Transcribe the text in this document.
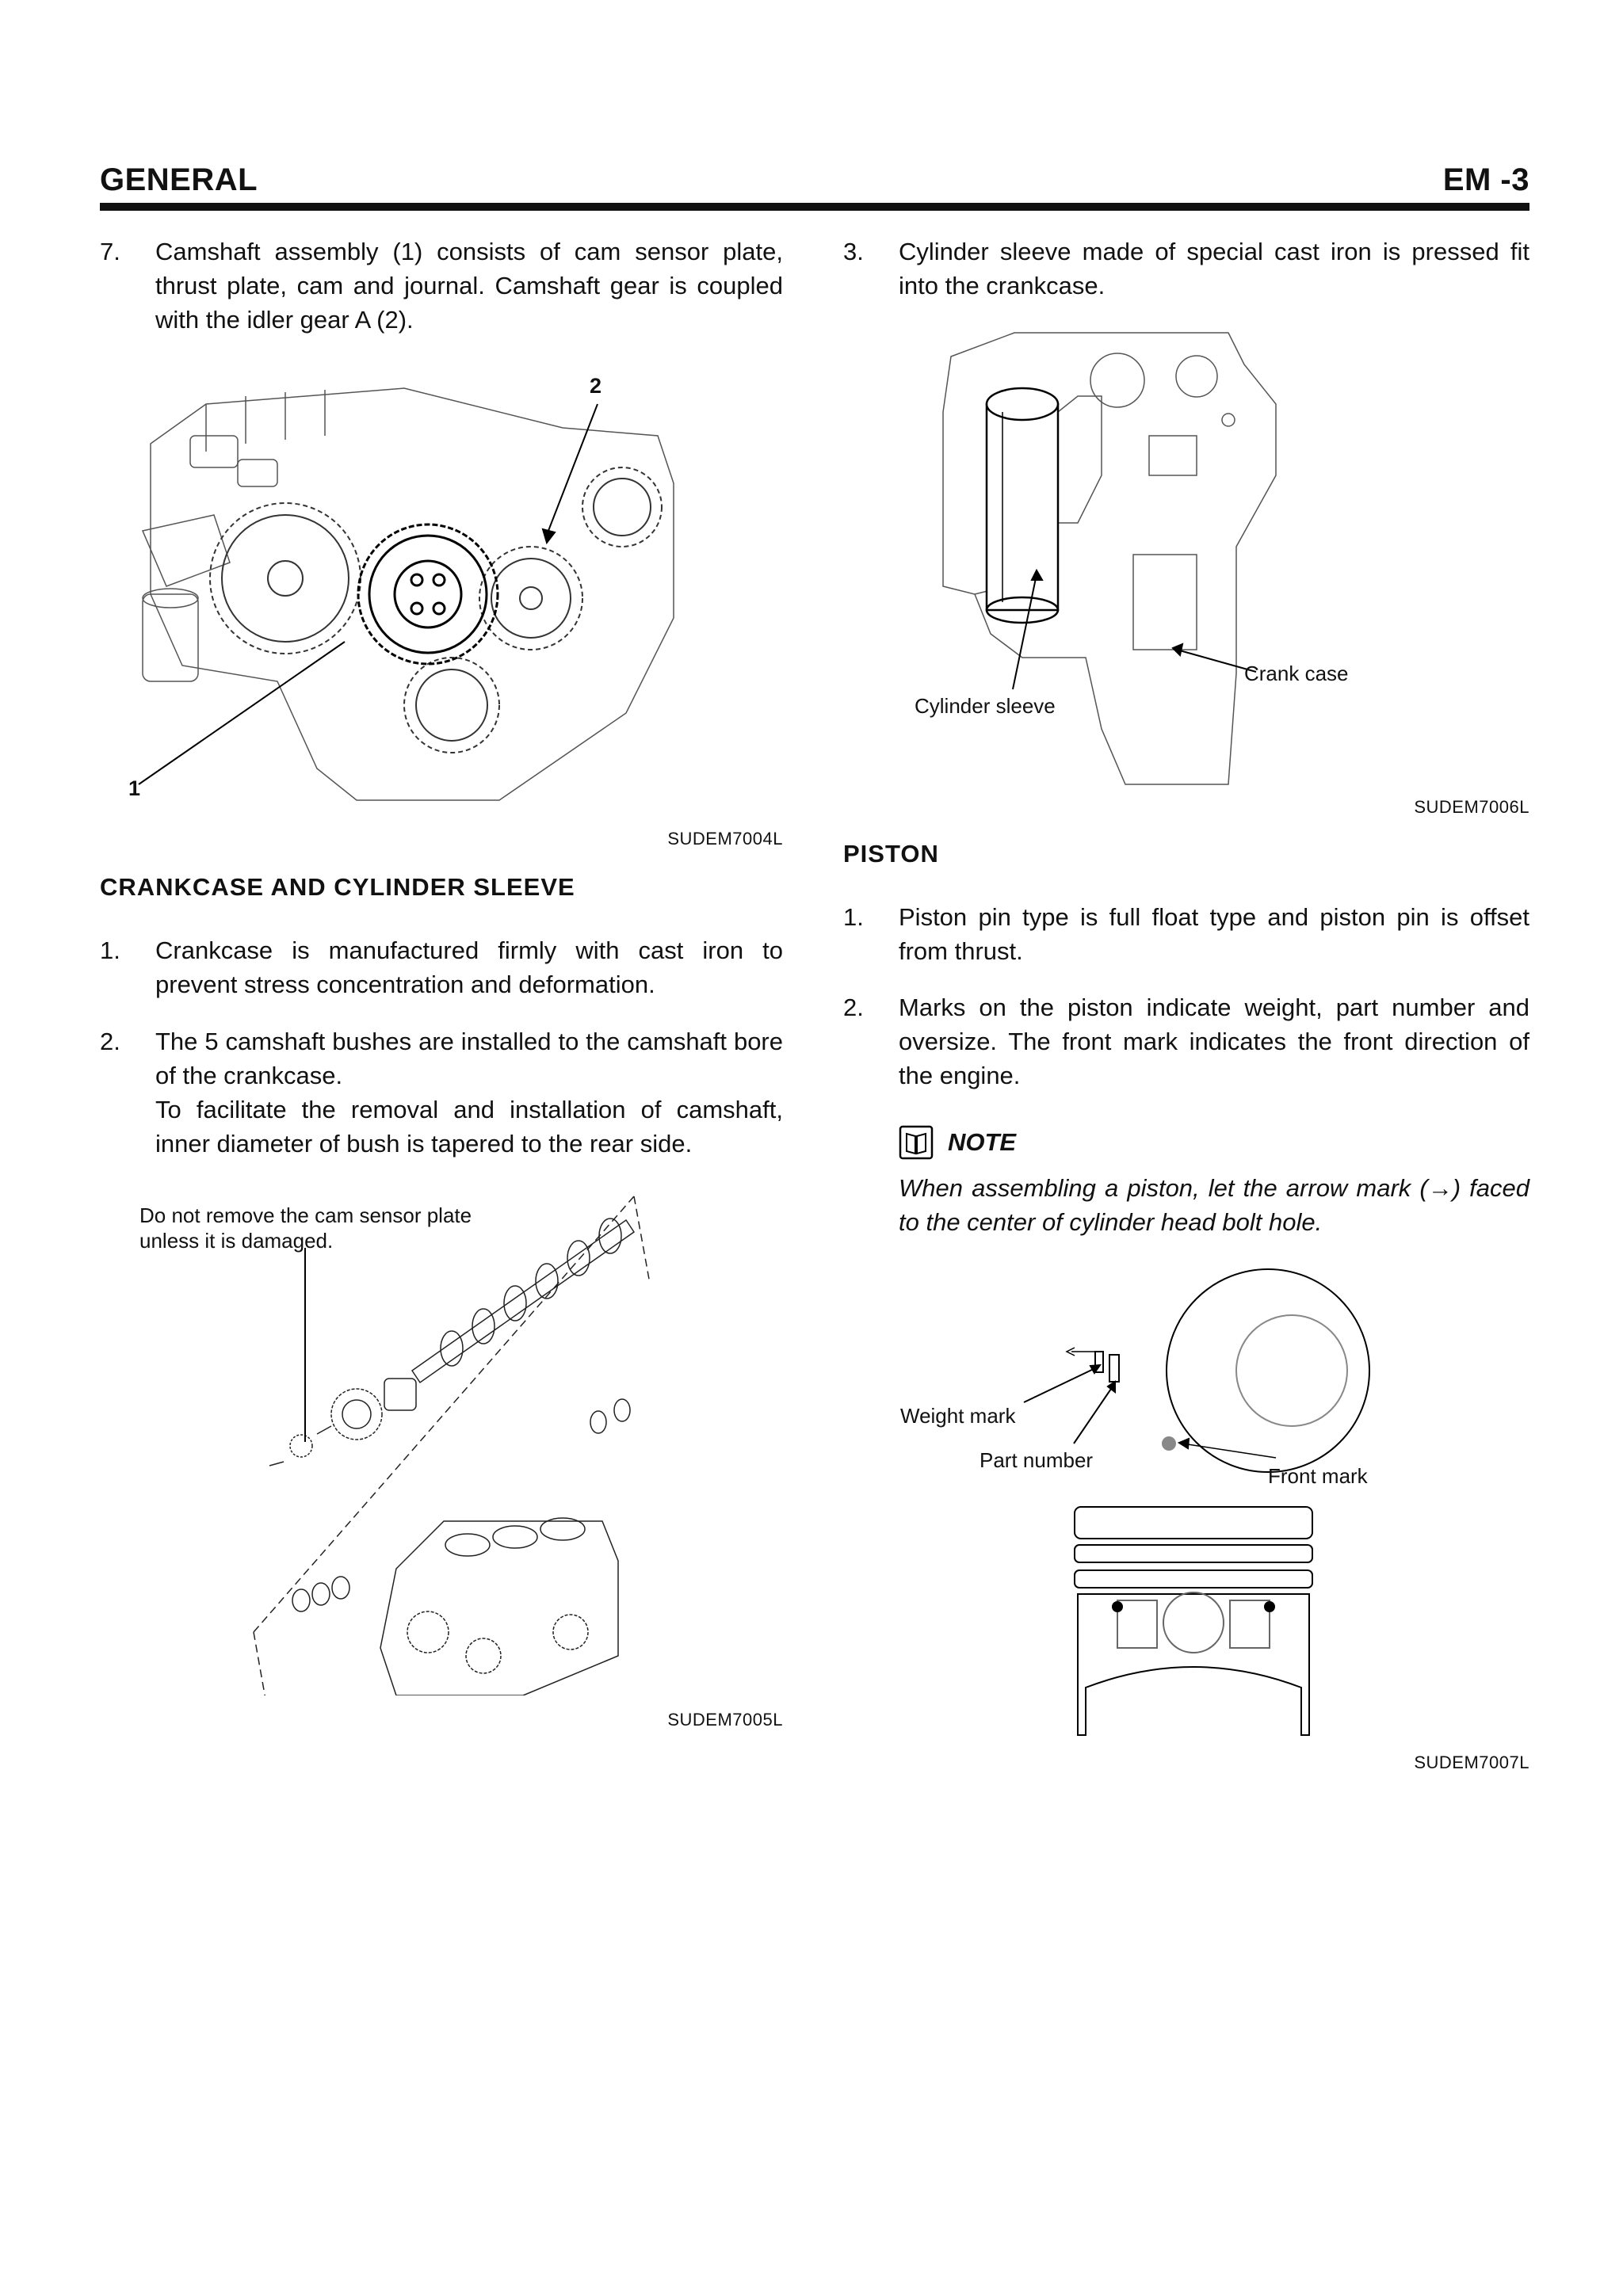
GENERAL	EM -3
7. Camshaft assembly (1) consists of cam sensor plate, thrust plate, cam and journal. Camshaft gear is coupled with the idler gear A (2).
1
2
SUDEM7004L
CRANKCASE AND CYLINDER SLEEVE
1. Crankcase is manufactured firmly with cast iron to prevent stress concentration and deformation.
2. The 5 camshaft bushes are installed to the camshaft bore of the crankcase.
To facilitate the removal and installation of camshaft, inner diameter of bush is tapered to the rear side.
Do not remove the cam sensor plate
unless it is damaged.
SUDEM7005L
3. Cylinder sleeve made of special cast iron is pressed fit into the crankcase.
Crank case
Cylinder sleeve
SUDEM7006L
PISTON
1. Piston pin type is full float type and piston pin is offset from thrust.
2. Marks on the piston indicate weight, part number and oversize. The front mark indicates the front direction of the engine.
NOTE
When assembling a piston, let the arrow mark (→) faced to the center of cylinder head bolt hole.
Weight mark
Part number
Front mark
SUDEM7007L
